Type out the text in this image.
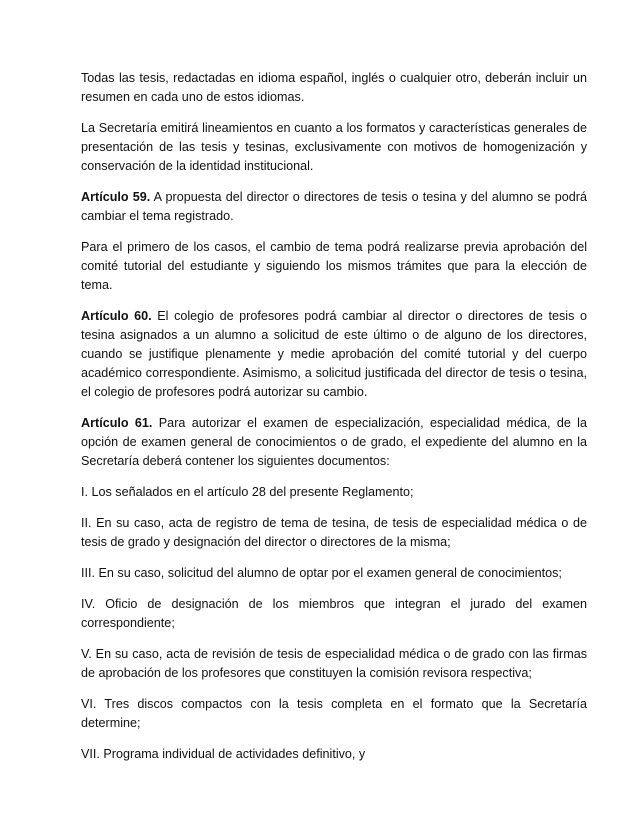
Todas las tesis, redactadas en idioma español, inglés o cualquier otro, deberán incluir un resumen en cada uno de estos idiomas.

La Secretaría emitirá lineamientos en cuanto a los formatos y características generales de presentación de las tesis y tesinas, exclusivamente con motivos de homogenización y conservación de la identidad institucional.

Artículo 59. A propuesta del director o directores de tesis o tesina y del alumno se podrá cambiar el tema registrado.

Para el primero de los casos, el cambio de tema podrá realizarse previa aprobación del comité tutorial del estudiante y siguiendo los mismos trámites que para la elección de tema.

Artículo 60. El colegio de profesores podrá cambiar al director o directores de tesis o tesina asignados a un alumno a solicitud de este último o de alguno de los directores, cuando se justifique plenamente y medie aprobación del comité tutorial y del cuerpo académico correspondiente. Asimismo, a solicitud justificada del director de tesis o tesina, el colegio de profesores podrá autorizar su cambio.

Artículo 61. Para autorizar el examen de especialización, especialidad médica, de la opción de examen general de conocimientos o de grado, el expediente del alumno en la Secretaría deberá contener los siguientes documentos:

I. Los señalados en el artículo 28 del presente Reglamento;

II. En su caso, acta de registro de tema de tesina, de tesis de especialidad médica o de tesis de grado y designación del director o directores de la misma;

III. En su caso, solicitud del alumno de optar por el examen general de conocimientos;

IV. Oficio de designación de los miembros que integran el jurado del examen correspondiente;

V. En su caso, acta de revisión de tesis de especialidad médica o de grado con las firmas de aprobación de los profesores que constituyen la comisión revisora respectiva;

VI. Tres discos compactos con la tesis completa en el formato que la Secretaría determine;

VII. Programa individual de actividades definitivo, y
